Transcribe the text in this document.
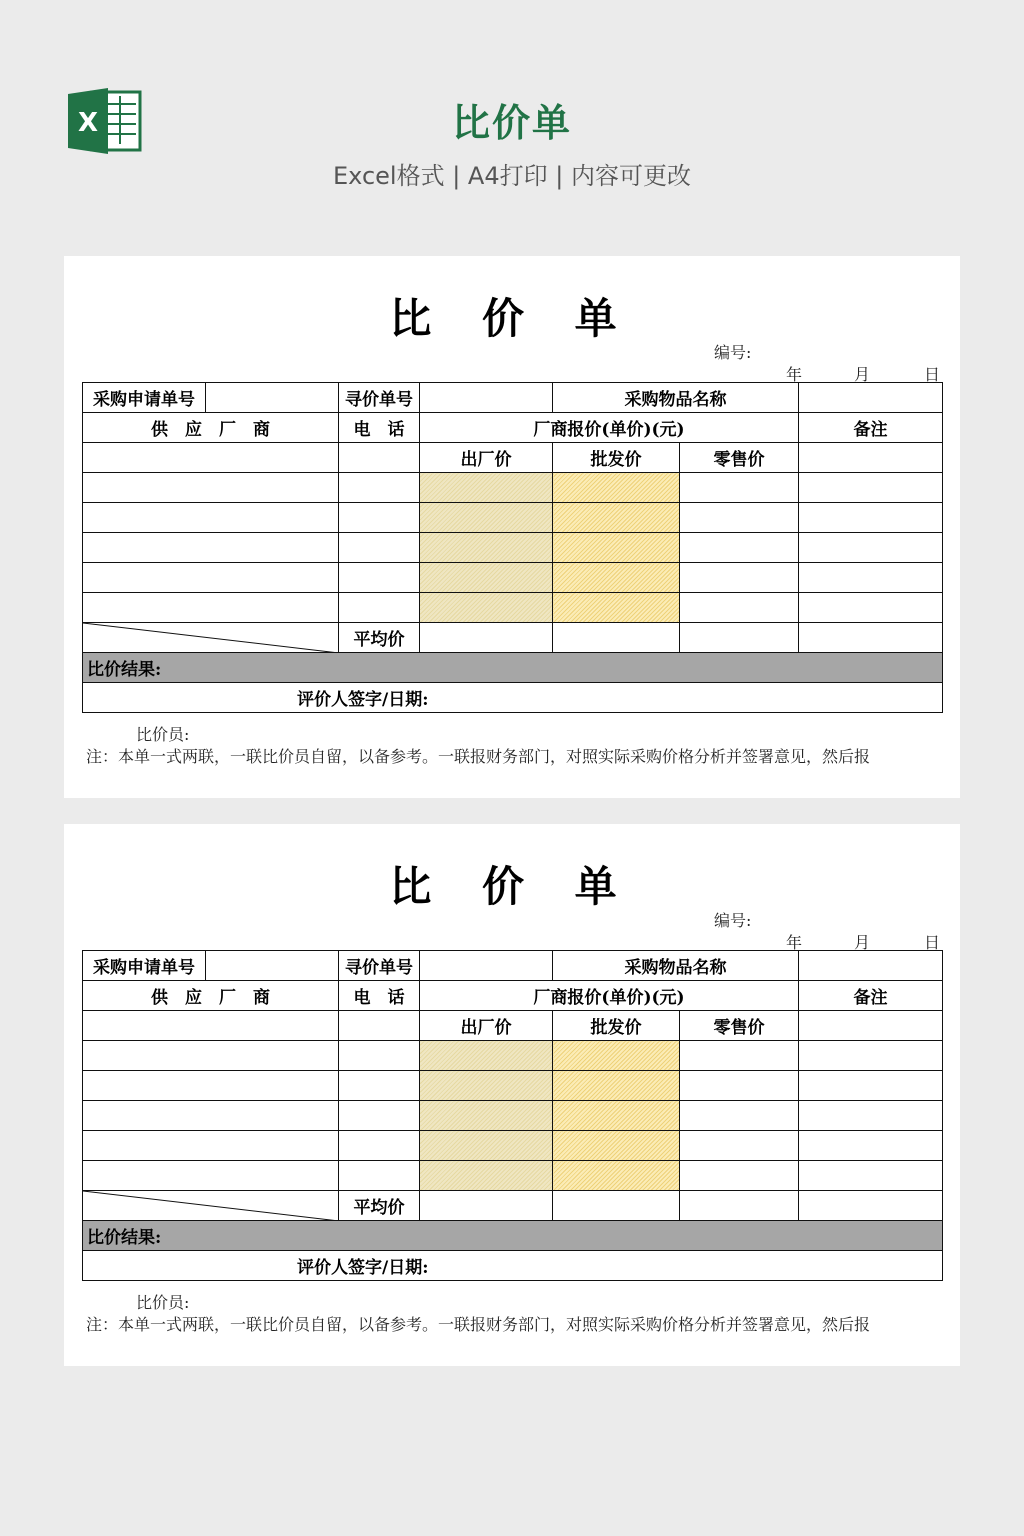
X	比价单
Excel格式 | A4打印 | 内容可更改
比 价 单
编号:
年	月	日
采购申请单号		寻价单号		采购物品名称		
供　应　厂　商		电　话	厂商报价(单价)(元)			备注
			出厂价	批发价	零售价	

	平均价				
比价结果:						
评价人签字/日期:						
比价员:
注：本单一式两联，一联比价员自留，以备参考。一联报财务部门，对照实际采购价格分析并签署意见，然后报
比 价 单
编号:
年	月	日
采购申请单号		寻价单号		采购物品名称		
供　应　厂　商		电　话	厂商报价(单价)(元)			备注
			出厂价	批发价	零售价	

	平均价				
比价结果:						
评价人签字/日期:						
比价员:
注：本单一式两联，一联比价员自留，以备参考。一联报财务部门，对照实际采购价格分析并签署意见，然后报
